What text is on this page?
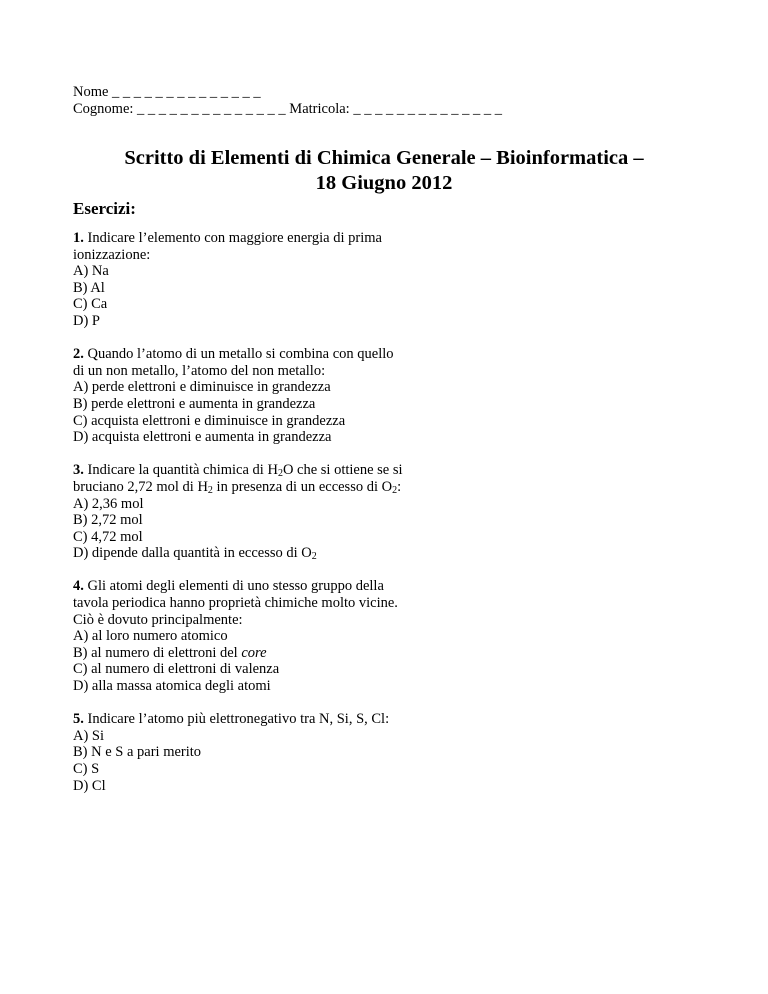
Nome _ _ _ _ _ _ _ _ _ _ _ _ _ _
Cognome: _ _ _ _ _ _ _ _ _ _ _ _ _ _ Matricola: _ _ _ _ _ _ _ _ _ _ _ _ _ _
Scritto di Elementi di Chimica Generale – Bioinformatica –
18 Giugno 2012
Esercizi:

1. Indicare l’elemento con maggiore energia di prima ionizzazione:

A) Na
B) Al
C) Ca
D) P

2. Quando l’atomo di un metallo si combina con quello di un non metallo, l’atomo del non metallo:

A) perde elettroni e diminuisce in grandezza
B) perde elettroni e aumenta in grandezza
C) acquista elettroni e diminuisce in grandezza
D) acquista elettroni e aumenta in grandezza

3. Indicare la quantità chimica di $H_2O$ che si ottiene se si bruciano 2,72 mol di $H_2$ in presenza di un eccesso di $O_2$:

A) 2,36 mol
B) 2,72 mol
C) 4,72 mol
D) dipende dalla quantità in eccesso di $O_2$

4. Gli atomi degli elementi di uno stesso gruppo della tavola periodica hanno proprietà chimiche molto vicine. Ciò è dovuto principalmente:

A) al loro numero atomico
B) al numero di elettroni del core
C) al numero di elettroni di valenza
D) alla massa atomica degli atomi

5. Indicare l’atomo più elettronegativo tra N, Si, S, Cl:

A) Si
B) N e S a pari merito
C) S
D) Cl
